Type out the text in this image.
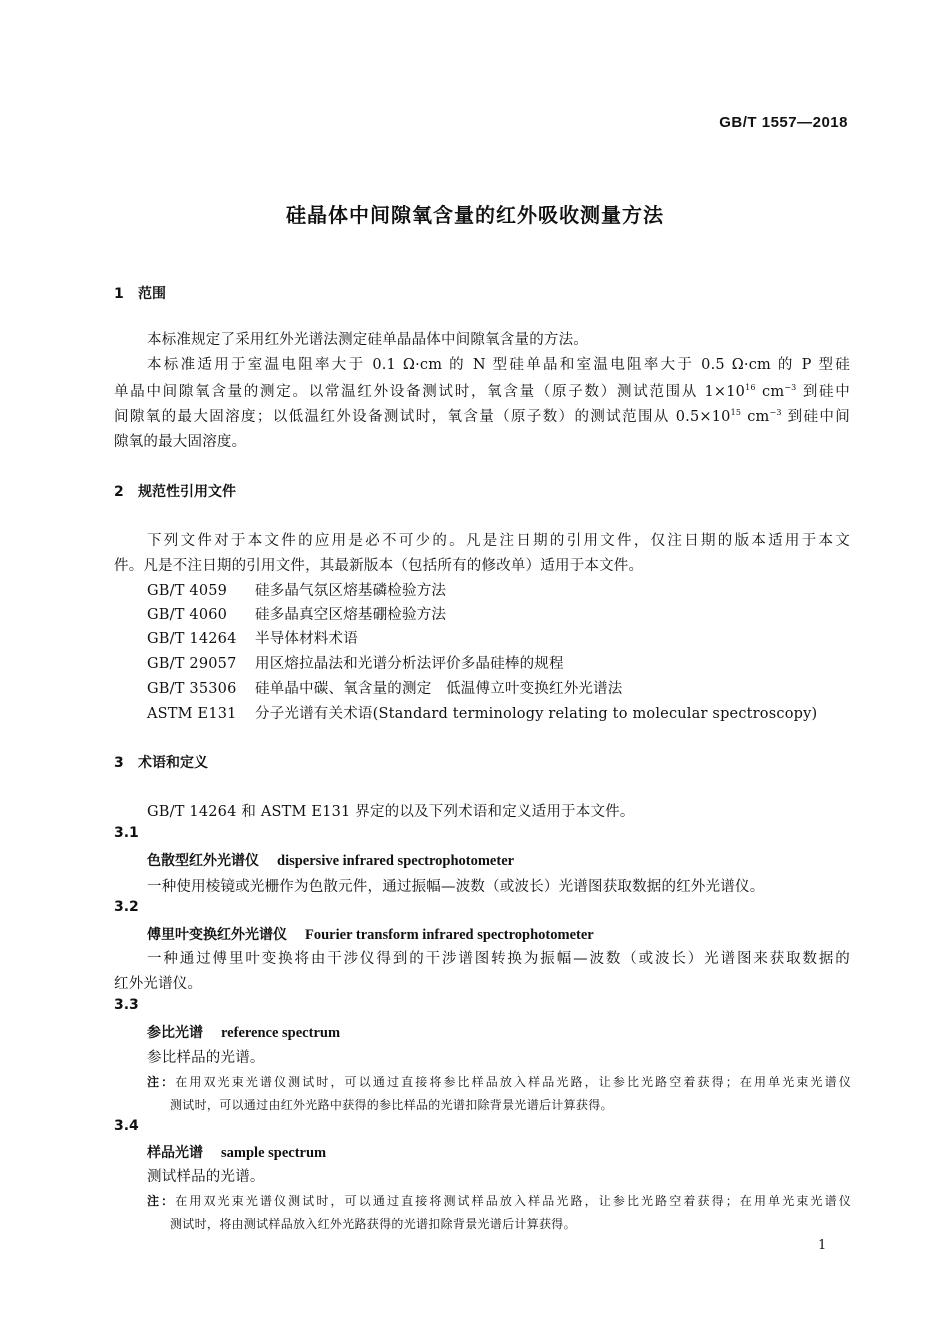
GB/T 1557—2018
硅晶体中间隙氧含量的红外吸收测量方法
1 范围
本标准规定了采用红外光谱法测定硅单晶晶体中间隙氧含量的方法。
本标准适用于室温电阻率大于 0.1 Ω·cm 的 N 型硅单晶和室温电阻率大于 0.5 Ω·cm 的 P 型硅
单晶中间隙氧含量的测定。以常温红外设备测试时，氧含量（原子数）测试范围从 $1\times 10^{16}$ $cm^{-3}$ 到硅中
间隙氧的最大固溶度；以低温红外设备测试时，氧含量（原子数）的测试范围从 $0.5\times 10^{15}$ $cm^{-3}$ 到硅中间
隙氧的最大固溶度。
2 规范性引用文件
下列文件对于本文件的应用是必不可少的。凡是注日期的引用文件，仅注日期的版本适用于本文
件。凡是不注日期的引用文件，其最新版本（包括所有的修改单）适用于本文件。
GB/T 4059 硅多晶气氛区熔基磷检验方法
GB/T 4060 硅多晶真空区熔基硼检验方法
GB/T 14264 半导体材料术语
GB/T 29057 用区熔拉晶法和光谱分析法评价多晶硅棒的规程
GB/T 35306 硅单晶中碳、氧含量的测定　低温傅立叶变换红外光谱法
ASTM E131 分子光谱有关术语(Standard terminology relating to molecular spectroscopy)
3 术语和定义
GB/T 14264 和 ASTM E131 界定的以及下列术语和定义适用于本文件。
3.1
色散型红外光谱仪 dispersive infrared spectrophotometer
一种使用棱镜或光栅作为色散元件，通过振幅—波数（或波长）光谱图获取数据的红外光谱仪。
3.2
傅里叶变换红外光谱仪 Fourier transform infrared spectrophotometer
一种通过傅里叶变换将由干涉仪得到的干涉谱图转换为振幅—波数（或波长）光谱图来获取数据的
红外光谱仪。
3.3
参比光谱 reference spectrum
参比样品的光谱。
注：在用双光束光谱仪测试时，可以通过直接将参比样品放入样品光路，让参比光路空着获得；在用单光束光谱仪
测试时，可以通过由红外光路中获得的参比样品的光谱扣除背景光谱后计算获得。
3.4
样品光谱 sample spectrum
测试样品的光谱。
注：在用双光束光谱仪测试时，可以通过直接将测试样品放入样品光路，让参比光路空着获得；在用单光束光谱仪
测试时，将由测试样品放入红外光路获得的光谱扣除背景光谱后计算获得。
1
